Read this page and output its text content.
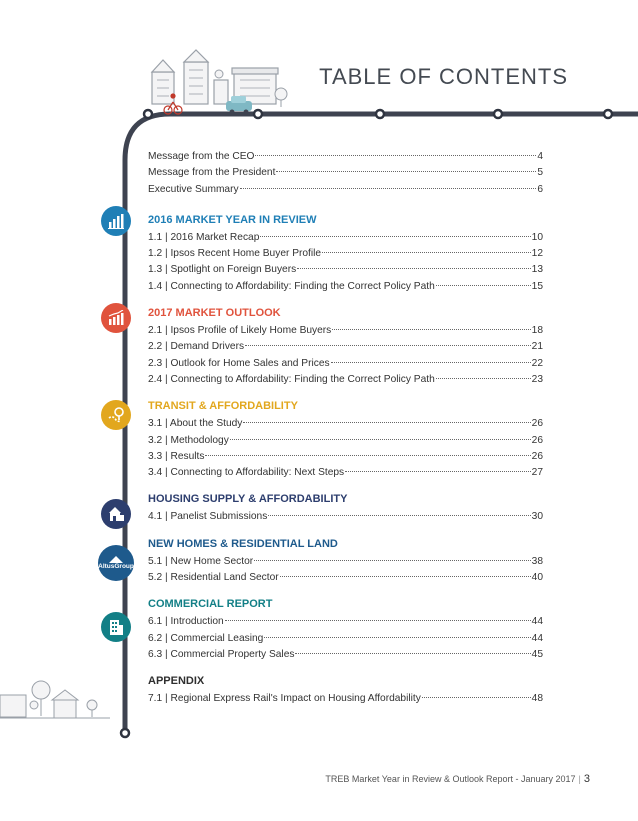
TABLE OF CONTENTS
AltusGroup
Message from the CEO	4
Message from the President	5
Executive Summary	6
2016 MARKET YEAR IN REVIEW
1.1 | 2016 Market Recap	10
1.2 | Ipsos Recent Home Buyer Profile	12
1.3 | Spotlight on Foreign Buyers	13
1.4 | Connecting to Affordability: Finding the Correct Policy Path	15
2017 MARKET OUTLOOK
2.1 | Ipsos Profile of Likely Home Buyers	18
2.2 | Demand Drivers	21
2.3 | Outlook for Home Sales and Prices	22
2.4 | Connecting to Affordability: Finding the Correct Policy Path	23
TRANSIT & AFFORDABILITY
3.1 | About the Study	26
3.2 | Methodology	26
3.3 | Results	26
3.4 | Connecting to Affordability: Next Steps	27
HOUSING SUPPLY & AFFORDABILITY
4.1 | Panelist Submissions	30
NEW HOMES & RESIDENTIAL LAND
5.1 | New Home Sector	38
5.2 | Residential Land Sector	40
COMMERCIAL REPORT
6.1 | Introduction	44
6.2 | Commercial Leasing	44
6.3 | Commercial Property Sales	45
APPENDIX
7.1 | Regional Express Rail's Impact on Housing Affordability	48
TREB Market Year in Review & Outlook Report - January 2017 | 3
